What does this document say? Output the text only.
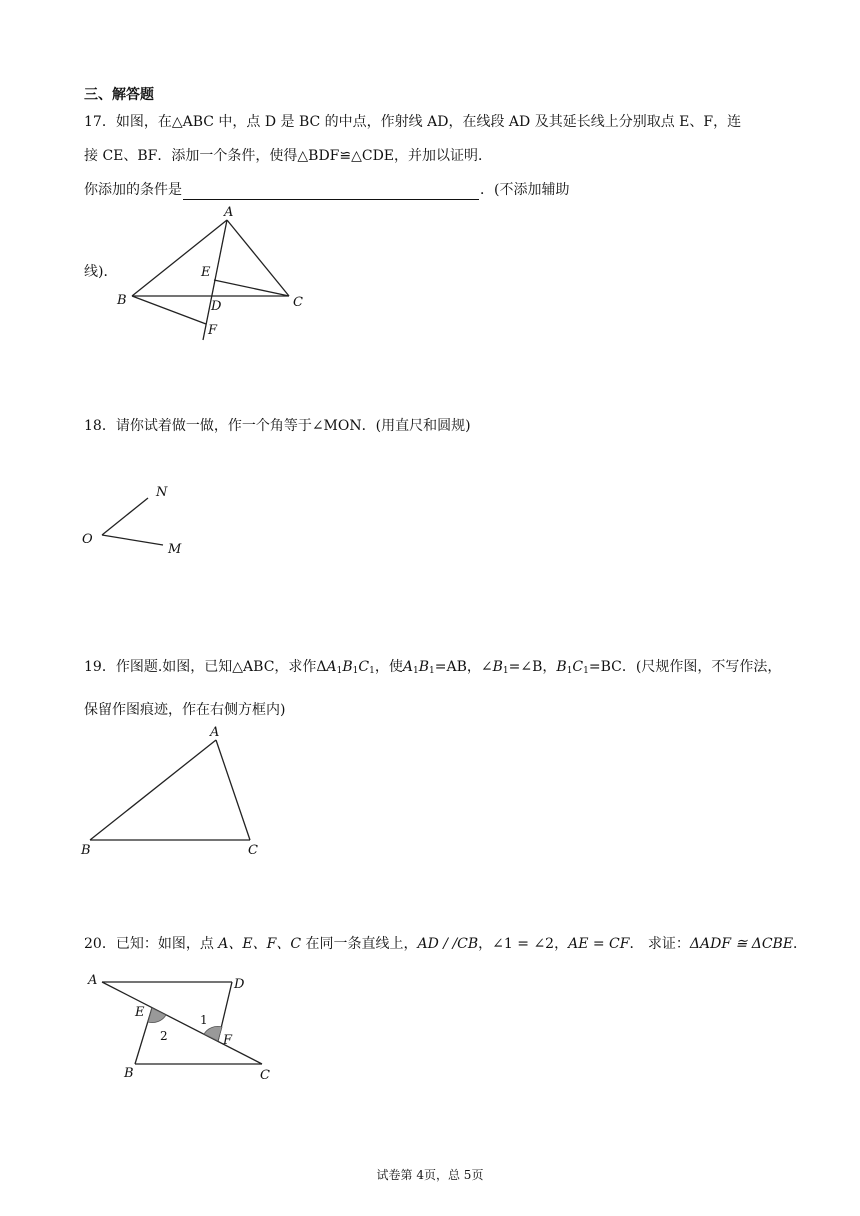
三、解答题
17．如图，在△ABC 中，点 D 是 BC 的中点，作射线 AD，在线段 AD 及其延长线上分别取点 E、F，连
接 CE、BF．添加一个条件，使得△BDF≌△CDE，并加以证明．
你添加的条件是	．(不添加辅助
线)．
A
B	C
D
E
F
18．请你试着做一做，作一个角等于∠MON．(用直尺和圆规)
O
N
M
19．作图题.如图，已知△ABC，求作$\Delta A_1B_1C_1$，使$A_1B_1=AB$，$\angle B_1=\angle B$，$B_1C_1=BC$．(尺规作图，不写作法，
保留作图痕迹，作在右侧方框内)
A
B	C
20．已知：如图，点 A、E、F、C 在同一条直线上，AD / /CB，∠1 = ∠2，AE = CF． 求证：ΔADF ≅ ΔCBE．
A	D
E
F
B	C
1
2
试卷第 4页，总 5页
